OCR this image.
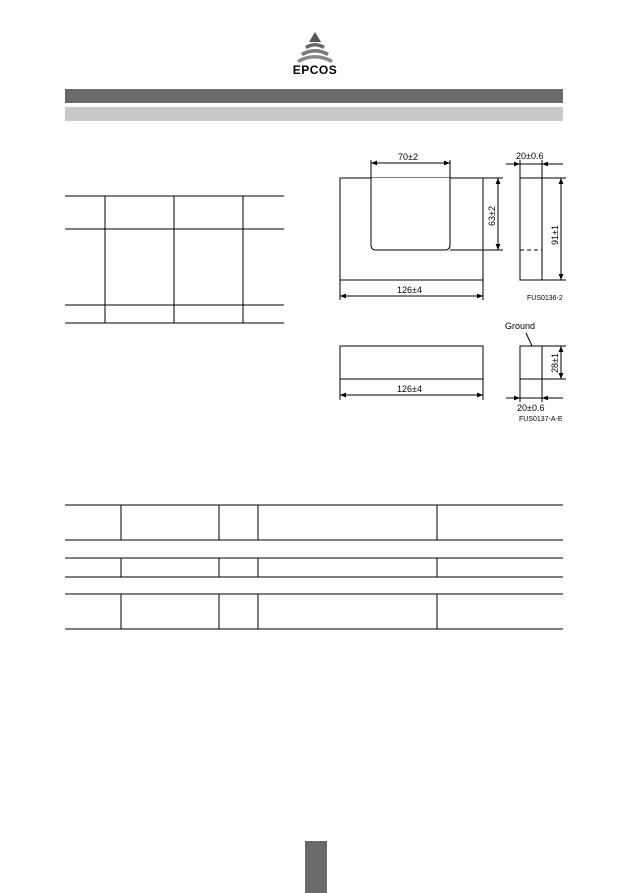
EPCOS
70±2
63±2
126±4
20±0.6
91±1
FUS0136-2
126±4
Ground
28±1
20±0.6
FUS0137-A-E
